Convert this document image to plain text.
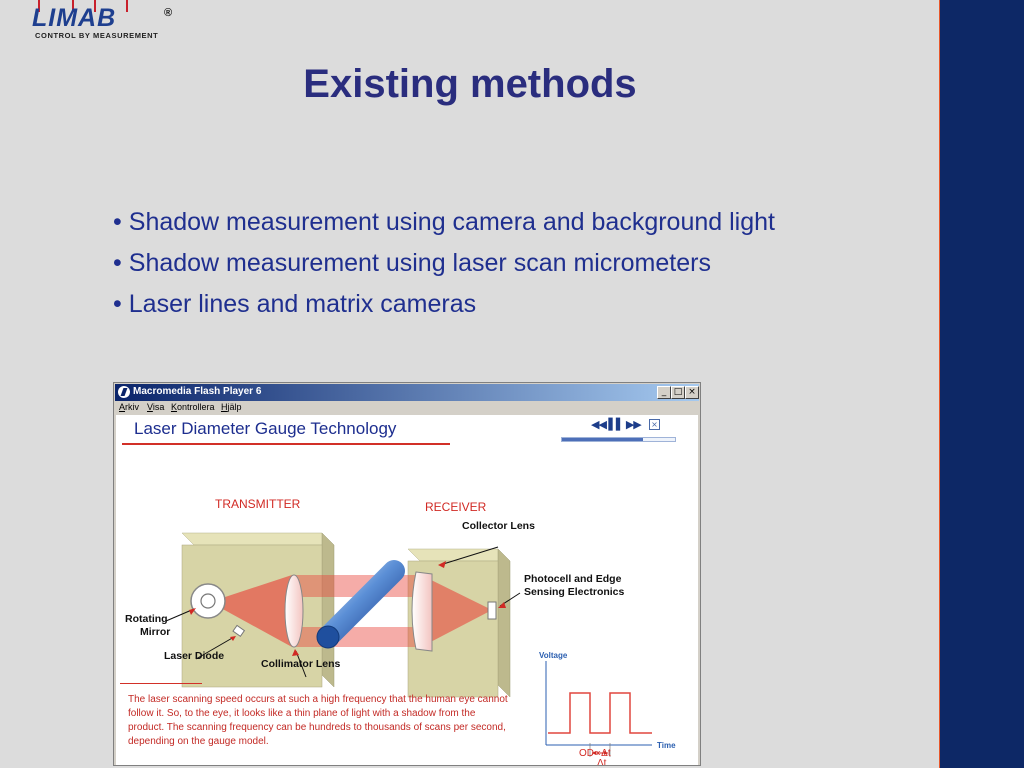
LIMAB	®
CONTROL BY MEASUREMENT
Existing methods
• Shadow measurement using camera and background light
• Shadow measurement using laser scan micrometers
• Laser lines and matrix cameras
Macromedia Flash Player 6	_ □ ×
Arkiv Visa Kontrollera Hjälp
Laser Diameter Gauge Technology	◀◀ ▌▌ ▶▶ ×
TRANSMITTER	RECEIVER
Collector Lens
Photocell and Edge
Sensing Electronics
Rotating
Mirror
Laser Diode
Collimator Lens
Voltage
Time
Δt
The laser scanning speed occurs at such a high frequency that the human eye cannot follow it. So, to the eye, it looks like a thin plane of light with a shadow from the product. The scanning frequency can be hundreds to thousands of scans per second, depending on the gauge model.
OD∝Δt
